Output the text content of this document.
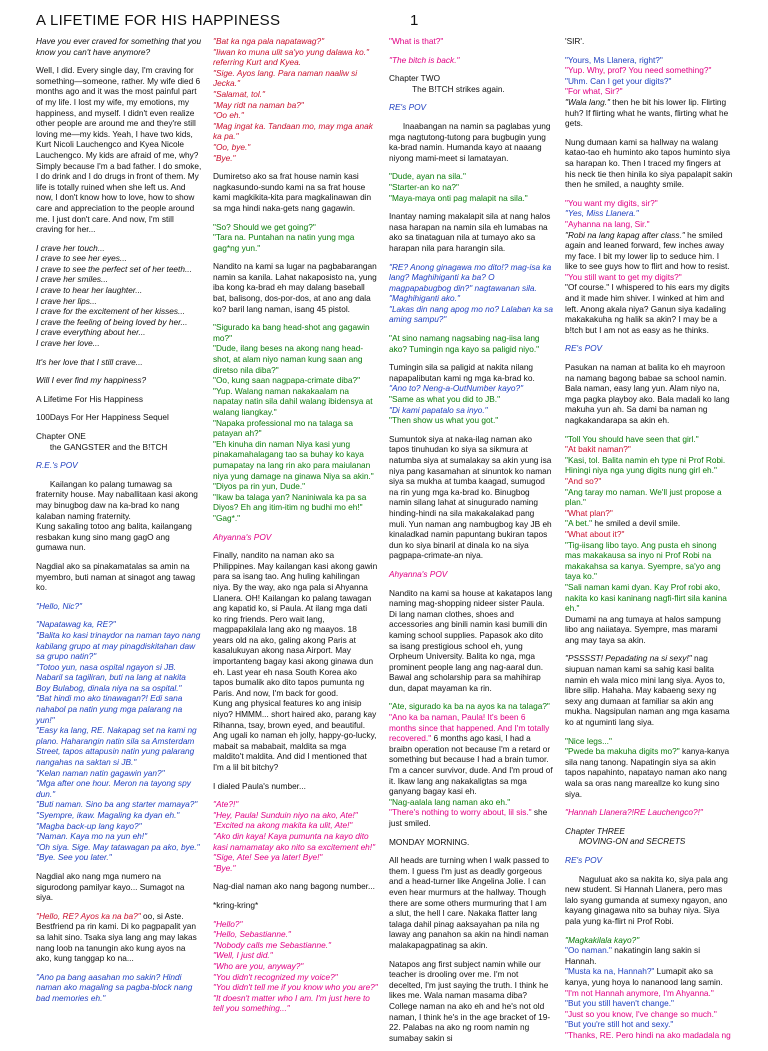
A LIFETIME FOR HIS HAPPINESS	1
Have you ever craved for something that you know you can't have anymore?
Well, I did. Every single day, I'm craving for something—someone, rather. My wife died 6 months ago and it was the most painful part of my life. I lost my wife, my emotions, my happiness, and myself. I didn't even realize other people are around me and they're still loving me—my kids. Yeah, I have two kids, Kurt Nicoli Lauchengco and Kyea Nicole Lauchengco. My kids are afraid of me, why? Simply because I'm a bad father. I do smoke, I do drink and I do drugs in front of them. My life is totally ruined when she left us. And now, I don't know how to love, how to show care and appreciation to the people around me. I just don't care. And now, I'm still craving for her...
I crave her touch...
I crave to see her eyes...
I crave to see the perfect set of her teeth...
I crave her smiles...
I crave to hear her laughter...
I crave her lips...
I crave for the excitement of her kisses...
I crave the feeling of being loved by her...
I crave everything about her...
I crave her love...
It's her love that I still crave...
Will I ever find my happiness?
A Lifetime For His Happiness
100Days For Her Happiness Sequel
Chapter ONE
the GANGSTER and the B!TCH
R.E.'s POV
Kailangan ko palang tumawag sa fraternity house. May naballitaan kasi akong may binugbog daw na ka-brad ko nang kalaban naming fraternity.
Kung sakaling totoo ang balita, kailangang resbakan kung sino mang gagO ang gumawa nun.
Nagdial ako sa pinakamatalas sa amin na myembro, buti naman at sinagot ang tawag ko.
"Hello, Nic?"
"Napatawag ka, RE?"
"Balita ko kasi trinaydor na naman tayo nang kabilang grupo at may pinagdiskitahan daw sa grupo natin?"
"Totoo yun, nasa ospital ngayon si JB. Nabaril sa tagiliran, buti na lang at nakita Boy Bulabog, dinala niya na sa ospital."
"Bat hindi mo ako tinawagan?! Edi sana nahabol pa natin yung mga palarang na yun!"
"Easy ka lang, RE. Nakapag set na kami ng plano. Haharangin natin sila sa Amsterdam Street, tapos attapusin natin yung palarang nangahas na saktan si JB."
"Kelan naman natin gagawin yan?"
"Mga after one hour. Meron na tayong spy dun."
"Buti naman. Sino ba ang starter mamaya?"
"Syempre, ikaw. Magaling ka dyan eh."
"Magba back-up lang kayo?"
"Naman. Kaya mo na yun eh!"
"Oh siya. Sige. May tatawagan pa ako, bye."
"Bye. See you later."
Nagdial ako nang mga numero na sigurodong pamilyar kayo... Sumagot na siya.
"Hello, RE? Ayos ka na ba?" oo, si Aste. Bestfriend pa rin kami. Di ko pagpapalit yan sa lahit sino. Tsaka siya lang ang may lakas nang loob na tanungin ako kung ayos na ako, kung tanggap ko na...
"Ano pa bang aasahan mo sakin? Hindi naman ako magaling sa pagba-block nang bad memories eh."
"Bat ka nga pala napatawag?"
"Iiwan ko muna ulit sa'yo yung dalawa ko." referring Kurt and Kyea.
"Sige. Ayos lang. Para naman naaliw si Jecka."
"Salamat, tol."
"May ridt na naman ba?"
"Oo eh."
"Mag ingat ka. Tandaan mo, may mga anak ka pa."
"Oo, bye."
"Bye."
Dumiretso ako sa frat house namin kasi nagkasundo-sundo kami na sa frat house kami magkikita-kita para magkalinawan din sa mga hindi naka-gets nang gagawin.
"So? Should we get going?"
"Tara na. Puntahan na natin yung mga gag*ng yun."
Nandito na kami sa lugar na pagbabarangan namin sa kanila. Lahat nakaposisto na, yung iba kong ka-brad eh may dalang baseball bat, balisong, dos-por-dos, at ano ang dala ko? baril lang naman, isang 45 pistol.
"Sigurado ka bang head-shot ang gagawin mo?"
"Dude, ilang beses na akong nang head-shot, at alam niyo naman kung saan ang diretso nila diba?"
"Oo, kung saan nagpapa-crimate diba?"
"Yup. Walang naman nakakaalam na napatay natin sila dahil walang ibidensya at walang liangkay."
"Napaka professional mo na talaga sa patayan ah?"
"Eh kinuha din naman Niya kasi yung pinakamahalagang tao sa buhay ko kaya pumapatay na lang rin ako para maiulanan niya yung damage na ginawa Niya sa akin."
"Diyos pa rin yun, Dude."
"Ikaw ba talaga yan? Naniniwala ka pa sa Diyos? Eh ang itim-itim ng budhi mo eh!"
"Gag*."
Ahyanna's POV
Finally, nandito na naman ako sa Philippines. May kailangan kasi akong gawin para sa isang tao. Ang huling kahilingan niya. By the way, ako nga pala si Ahyanna Llanera. OH! Kailangan ko palang tawagan ang kapatid ko, si Paula. At ilang mga dati ko ring friends. Pero wait lang, magpapakilala lang ako ng maayos. 18 years old na ako, galing akong Paris at kasalukuyan akong nasa Airport. May importanteng bagay kasi akong ginawa dun eh. Last year eh nasa South Korea ako tapos bumalik ako dito tapos pumunta ng Paris. And now, I'm back for good.
Kung ang physical features ko ang inisip niyo? HMMM... short haired ako, parang kay Rihanna, tsay, brown eyed, and beautiful. Ang ugali ko naman eh jolly, happy-go-lucky, mabait sa mababait, maldita sa mga maldito't maldita. And did I mentioned that I'm a lil bit bitchy?
I dialed Paula's number...
"Ate?!"
"Hey, Paula! Sunduin niyo na ako, Ate!"
"Excited na akong makita ka ulit, Ate!"
"Ako din kaya! Kaya pumunta na kayo dito kasi namamatay ako nito sa excitement eh!"
"Sige, Ate! See ya later! Bye!"
"Bye."
Nag-dial naman ako nang bagong number...
*kring-kring*
"Hello?"
"Hello, Sebastianne."
"Nobody calls me Sebastianne."
"Well, I just did."
"Who are you, anyway?"
"You didn't recognized my voice?"
"You didn't tell me if you know who you are?"
"It doesn't matter who I am. I'm just here to tell you something..."
"What is that?"
"The bitch is back."
Chapter TWO
The B!TCH strikes again.
RE's POV
Inaabangan na namin sa paglabas yung mga nagtutong-tutong para bugbugin yung ka-brad namin. Humanda kayo at naaang niyong mami-meet si lamatayan.
"Dude, ayan na sila."
"Starter-an ko na?"
"Maya-maya onti pag malapit na sila."
Inantay naming makalapit sila at nang halos nasa harapan na namin sila eh lumabas na ako sa tinataguan nila at tumayo ako sa harapan nila para harangin sila.
"RE? Anong ginagawa mo dito!? mag-isa ka lang? Maghihiganti ka ba? O magpapabugbog din?" nagtawanan sila.
"Maghihiganti ako."
"Lakas din nang apog mo no? Lalaban ka sa aming sampu?"
"At sino namang nagsabing nag-iisa lang ako? Tumingin nga kayo sa paligid niyo."
Tumingin sila sa paligid at nakita nilang napapalibutan kami ng mga ka-brad ko.
"Ano to? Neng-a-OutNumber kayo?"
"Same as what you did to JB."
"Di kami papatalo sa inyo."
"Then show us what you got."
Sumuntok siya at naka-ilag naman ako tapos tinuhudan ko siya sa sikmura at natumba siya at sumalakay sa akin yung isa niya pang kasamahan at sinuntok ko naman siya sa mukha at tumba kaagad, sumugod na rin yung mga ka-brad ko. Binugbog namin silang lahat at sinugurado naming hinding-hindi na sila makakalakad pang muli. Yun naman ang nambugbog kay JB eh kinaladkad namin papuntang bukiran tapos dun ko siya binaril at dinala ko na siya pagpapa-crimate-an niya.
Ahyanna's POV
Nandito na kami sa house at kakatapos lang naming mag-shopping nideer sister Paula. Di lang naman clothes, shoes and accessories ang binili namin kasi bumili din kaming school supplies. Papasok ako dito sa isang prestigious school eh, yung Orpheum University. Balita ko nga, mga prominent people lang ang nag-aaral dun. Bawal ang scholarship para sa mahihirap dun, dapat mayaman ka rin.
"Ate, sigurado ka ba na ayos ka na talaga?"
"Ano ka ba naman, Paula! It's been 6 months since that happened. And I'm totally recovered." 6 months ago kasi, I had a braibn operation not because I'm a retard or something but because I had a brain tumor. I'm a cancer survivor, dude. And I'm proud of it. Ikaw lang ang nakakaligtas sa mga ganyang bagay kasi eh.
"Nag-aalala lang naman ako eh."
"There's nothing to worry about, lil sis." she just smiled.
MONDAY MORNING.
All heads are turning when I walk passed to them. I guess I'm just as deadly gorgeous and a head-turner like Angelina Jolie. I can even hear murmurs at the hallway. Though there are some others murmuring that I am a slut, the hell I care. Nakaka flatter lang talaga dahil pinag aaksayahan pa nila ng laway ang panahon sa akin na hindi naman malakapagpatinag sa akin.
Natapos ang first subject namin while our teacher is drooling over me. I'm not decelted, I'm just saying the truth. I think he likes me. Wala naman masama diba? College naman na ako eh and he's not old naman, I think he's in the age bracket of 19-22. Palabas na ako ng room namin ng sumabay sakin si
'SIR'.
"Yours, Ms Llanera, right?"
"Yup. Why, prof? You need something?"
"Uhm. Can I get your digits?"
"For what, Sir?"
"Wala lang." then he bit his lower lip. Flirting huh? If flirting what he wants, flirting what he gets.
Nung dumaan kami sa hallway na walang katao-tao eh huminto ako tapos huminto siya sa harapan ko. Then I traced my fingers at his neck tie then hinila ko siya papalapit sakin then he smiled, a naughty smile.
"You want my digits, sir?"
"Yes, Miss Llanera."
"Ayhanna na lang, Sir."
"Robi na lang kapag after class." he smiled again and leaned forward, few inches away my face. I bit my lower lip to seduce him. I like to see guys how to flirt and how to resist.
"You still want to get my digits?"
"Of course." I whispered to his ears my digits and it made him shiver. I winked at him and left. Anong akala niya? Ganun siya kadaling makakakuha ng halik sa akin? I may be a b!tch but I am not as easy as he thinks.
RE's POV
Pasukan na naman at balita ko eh mayroon na namang bagong babae sa school namin. Bala naman, easy lang yun. Alam niyo na, mga pagka playboy ako. Bala madali ko lang makuha yun ah. Sa dami ba naman ng nagkakandarapa sa akin eh.
"Toll You should have seen that girl."
"At bakit naman?"
"Kasi, tol. Balita namin eh type ni Prof Robi. Hiningi niya nga yung digits nung girl eh."
"And so?"
"Ang taray mo naman. We'll just propose a plan."
"What plan?"
"A bet." he smiled a devil smile.
"What about it?"
"Tig-iisang libo tayo. Ang pusta eh sinong mas makakausa sa inyo ni Prof Robi na makakahsa sa kanya. Syempre, sa'yo ang taya ko."
"Sali naman kami dyan. Kay Prof robi ako, nakita ko kasi kaninang nagfi-flirt sila kanina eh."
Dumami na ang tumaya at halos sampung libo ang naiiataya. Syempre, mas marami ang may taya sa akin.
"PSSSST! Pepadating na si sexy!" nag siupuan naman kami sa sahig kasi balita namin eh wala mico mini lang siya. Ayos to, libre silip. Hahaha. May kabaeng sexy ng sexy ang dumaan at familiar sa akin ang mukha. Nagsipulan naman ang mga kasama ko at nguminti lang siya.
"Nice legs..."
"Pwede ba makuha digits mo?" kanya-kanya sila nang tanong. Napatingin siya sa akin tapos napahinto, napatayo naman ako nang wala sa oras nang mareallze ko kung sino siya.
"Hannah Llanera?!RE Lauchengco?!"
Chapter THREE
MOVING-ON and SECRETS
RE's POV
Naguluat ako sa nakita ko, siya pala ang new student. Si Hannah Llanera, pero mas lalo syang gumanda at sumexy ngayon, ano kayang ginagawa nito sa buhay niya. Siya pala yung ka-flirt ni Prof Robi.
"Magkakilala kayo?"
"Oo naman." nakatingin lang sakin si Hannah.
"Musta ka na, Hannah?" Lumapit ako sa kanya, yung hoya lo nananood lang samin.
"I'm not Hannah anymore, I'm Ahyanna."
"But you still haven't change."
"Just so you know, I've change so much."
"But you're still hot and sexy."
"Thanks, RE. Pero hindi na ako madadala ng
